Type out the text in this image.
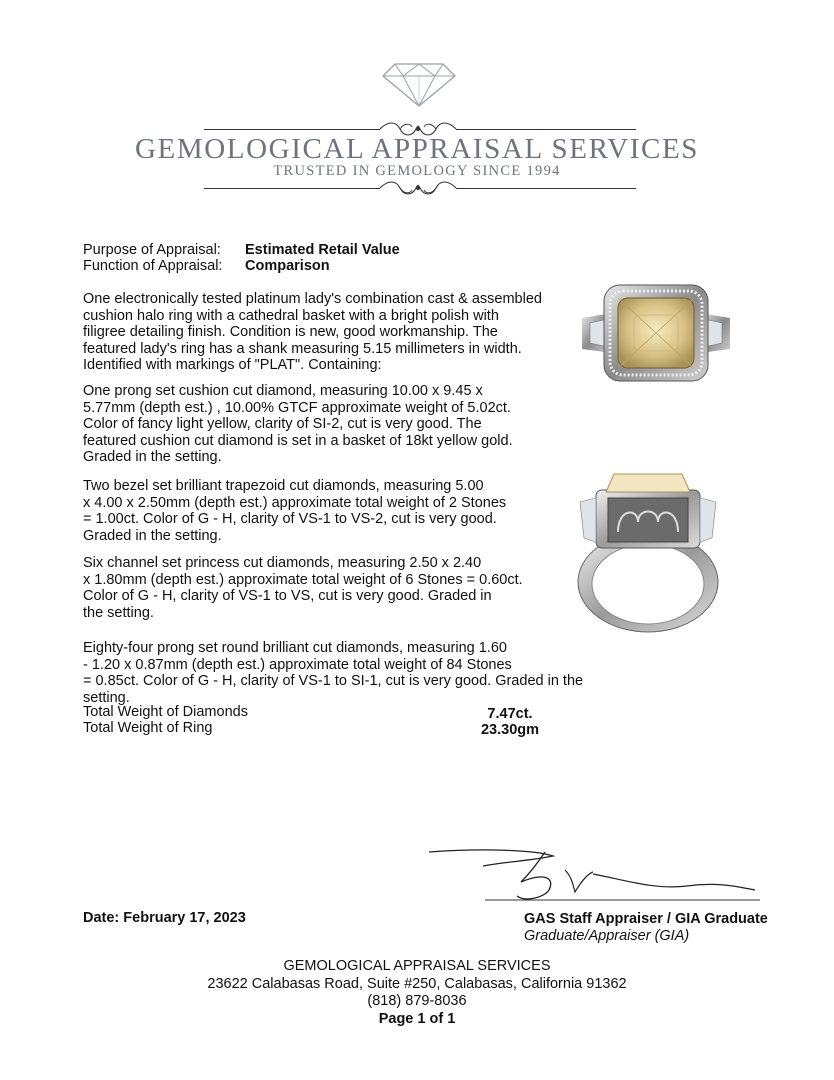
GEMOLOGICAL APPRAISAL SERVICES
TRUSTED IN GEMOLOGY SINCE 1994
Purpose of Appraisal: Estimated Retail Value
Function of Appraisal: Comparison
One electronically tested platinum lady's combination cast & assembled
cushion halo ring with a cathedral basket with a bright polish with
filigree detailing finish. Condition is new, good workmanship. The
featured lady's ring has a shank measuring 5.15 millimeters in width.
Identified with markings of "PLAT". Containing:
One prong set cushion cut diamond, measuring 10.00 x 9.45 x
5.77mm (depth est.) , 10.00% GTCF approximate weight of 5.02ct.
Color of fancy light yellow, clarity of SI-2, cut is very good. The
featured cushion cut diamond is set in a basket of 18kt yellow gold.
Graded in the setting.
Two bezel set brilliant trapezoid cut diamonds, measuring 5.00
x 4.00 x 2.50mm (depth est.) approximate total weight of 2 Stones
= 1.00ct. Color of G - H, clarity of VS-1 to VS-2, cut is very good.
Graded in the setting.
Six channel set princess cut diamonds, measuring 2.50 x 2.40
x 1.80mm (depth est.) approximate total weight of 6 Stones = 0.60ct.
Color of G - H, clarity of VS-1 to VS, cut is very good. Graded in
the setting.
Eighty-four prong set round brilliant cut diamonds, measuring 1.60
- 1.20 x 0.87mm (depth est.) approximate total weight of 84 Stones
= 0.85ct. Color of G - H, clarity of VS-1 to SI-1, cut is very good. Graded in the setting.
Total Weight of Diamonds	7.47ct.
Total Weight of Ring	23.30gm
Date: February 17, 2023	GAS Staff Appraiser / GIA Graduate
Graduate/Appraiser (GIA)
GEMOLOGICAL APPRAISAL SERVICES
23622 Calabasas Road, Suite #250, Calabasas, California 91362
(818) 879-8036
Page 1 of 1
